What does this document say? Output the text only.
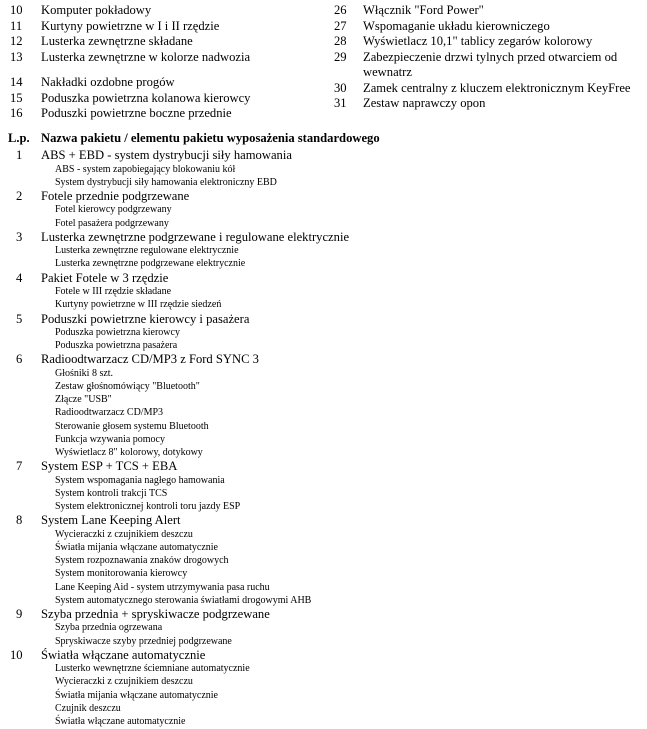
10	Komputer pokładowy
11	Kurtyny powietrzne w I i II rzędzie
12	Lusterka zewnętrzne składane
13	Lusterka zewnętrzne w kolorze nadwozia
14	Nakładki ozdobne progów
15	Poduszka powietrzna kolanowa kierowcy
16	Poduszki powietrzne boczne przednie
26	Włącznik "Ford Power"
27	Wspomaganie układu kierowniczego
28	Wyświetlacz 10,1" tablicy zegarów kolorowy
29	Zabezpieczenie drzwi tylnych przed otwarciem od
wewnatrz
30	Zamek centralny z kluczem elektronicznym KeyFree
31	Zestaw naprawczy opon
L.p. Nazwa pakietu / elementu pakietu wyposażenia standardowego
1	ABS + EBD - system dystrybucji siły hamowania
ABS - system zapobiegający blokowaniu kół
System dystrybucji siły hamowania elektroniczny EBD
2	Fotele przednie podgrzewane
Fotel kierowcy podgrzewany
Fotel pasażera podgrzewany
3	Lusterka zewnętrzne podgrzewane i regulowane elektrycznie
Lusterka zewnętrzne regulowane elektrycznie
Lusterka zewnętrzne podgrzewane elektrycznie
4	Pakiet Fotele w 3 rzędzie
Fotele w III rzędzie składane
Kurtyny powietrzne w III rzędzie siedzeń
5	Poduszki powietrzne kierowcy i pasażera
Poduszka powietrzna kierowcy
Poduszka powietrzna pasażera
6	Radioodtwarzacz CD/MP3 z Ford SYNC 3
Głośniki 8 szt.
Zestaw głośnomówiący "Bluetooth"
Złącze "USB"
Radioodtwarzacz CD/MP3
Sterowanie głosem systemu Bluetooth
Funkcja wzywania pomocy
Wyświetlacz 8" kolorowy, dotykowy
7	System ESP + TCS + EBA
System wspomagania nagłego hamowania
System kontroli trakcji TCS
System elektronicznej kontroli toru jazdy ESP
8	System Lane Keeping Alert
Wycieraczki z czujnikiem deszczu
Światła mijania włączane automatycznie
System rozpoznawania znaków drogowych
System monitorowania kierowcy
Lane Keeping Aid - system utrzymywania pasa ruchu
System automatycznego sterowania światłami drogowymi AHB
9	Szyba przednia + spryskiwacze podgrzewane
Szyba przednia ogrzewana
Spryskiwacze szyby przedniej podgrzewane
10	Światła włączane automatycznie
Lusterko wewnętrzne ściemniane automatycznie
Wycieraczki z czujnikiem deszczu
Światła mijania włączane automatycznie
Czujnik deszczu
Światła włączane automatycznie
